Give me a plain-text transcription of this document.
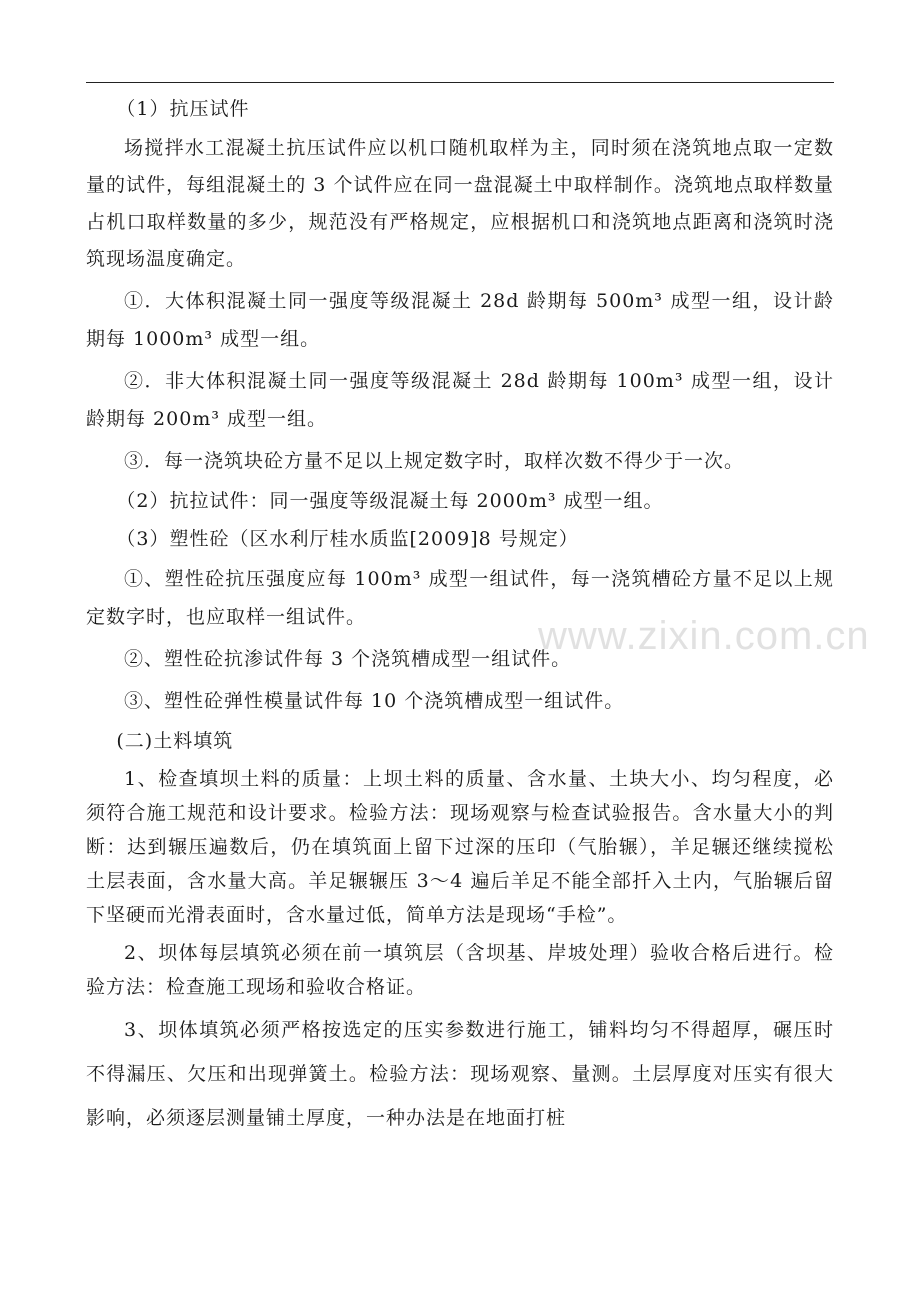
（1）抗压试件

场搅拌水工混凝土抗压试件应以机口随机取样为主，同时须在浇筑地点取一定数量的试件，每组混凝土的 3 个试件应在同一盘混凝土中取样制作。浇筑地点取样数量占机口取样数量的多少，规范没有严格规定，应根据机口和浇筑地点距离和浇筑时浇筑现场温度确定。

①．大体积混凝土同一强度等级混凝土 28d 龄期每 500m³ 成型一组，设计龄期每 1000m³ 成型一组。

②．非大体积混凝土同一强度等级混凝土 28d 龄期每 100m³ 成型一组，设计龄期每 200m³ 成型一组。

③．每一浇筑块砼方量不足以上规定数字时，取样次数不得少于一次。

（2）抗拉试件：同一强度等级混凝土每 2000m³ 成型一组。

（3）塑性砼（区水利厅桂水质监[2009]8 号规定）

①、塑性砼抗压强度应每 100m³ 成型一组试件，每一浇筑槽砼方量不足以上规定数字时，也应取样一组试件。

②、塑性砼抗渗试件每 3 个浇筑槽成型一组试件。

③、塑性砼弹性模量试件每 10 个浇筑槽成型一组试件。

(二)土料填筑

1、检查填坝土料的质量：上坝土料的质量、含水量、土块大小、均匀程度，必须符合施工规范和设计要求。检验方法：现场观察与检查试验报告。含水量大小的判断：达到辗压遍数后，仍在填筑面上留下过深的压印（气胎辗），羊足辗还继续搅松土层表面，含水量大高。羊足辗辗压 3～4 遍后羊足不能全部扦入土内，气胎辗后留下坚硬而光滑表面时，含水量过低，简单方法是现场“手检”。

2、坝体每层填筑必须在前一填筑层（含坝基、岸坡处理）验收合格后进行。检验方法：检查施工现场和验收合格证。

3、坝体填筑必须严格按选定的压实参数进行施工，铺料均匀不得超厚，碾压时不得漏压、欠压和出现弹簧土。检验方法：现场观察、量测。土层厚度对压实有很大影响，必须逐层测量铺土厚度，一种办法是在地面打桩

www.zixin.com.cn
